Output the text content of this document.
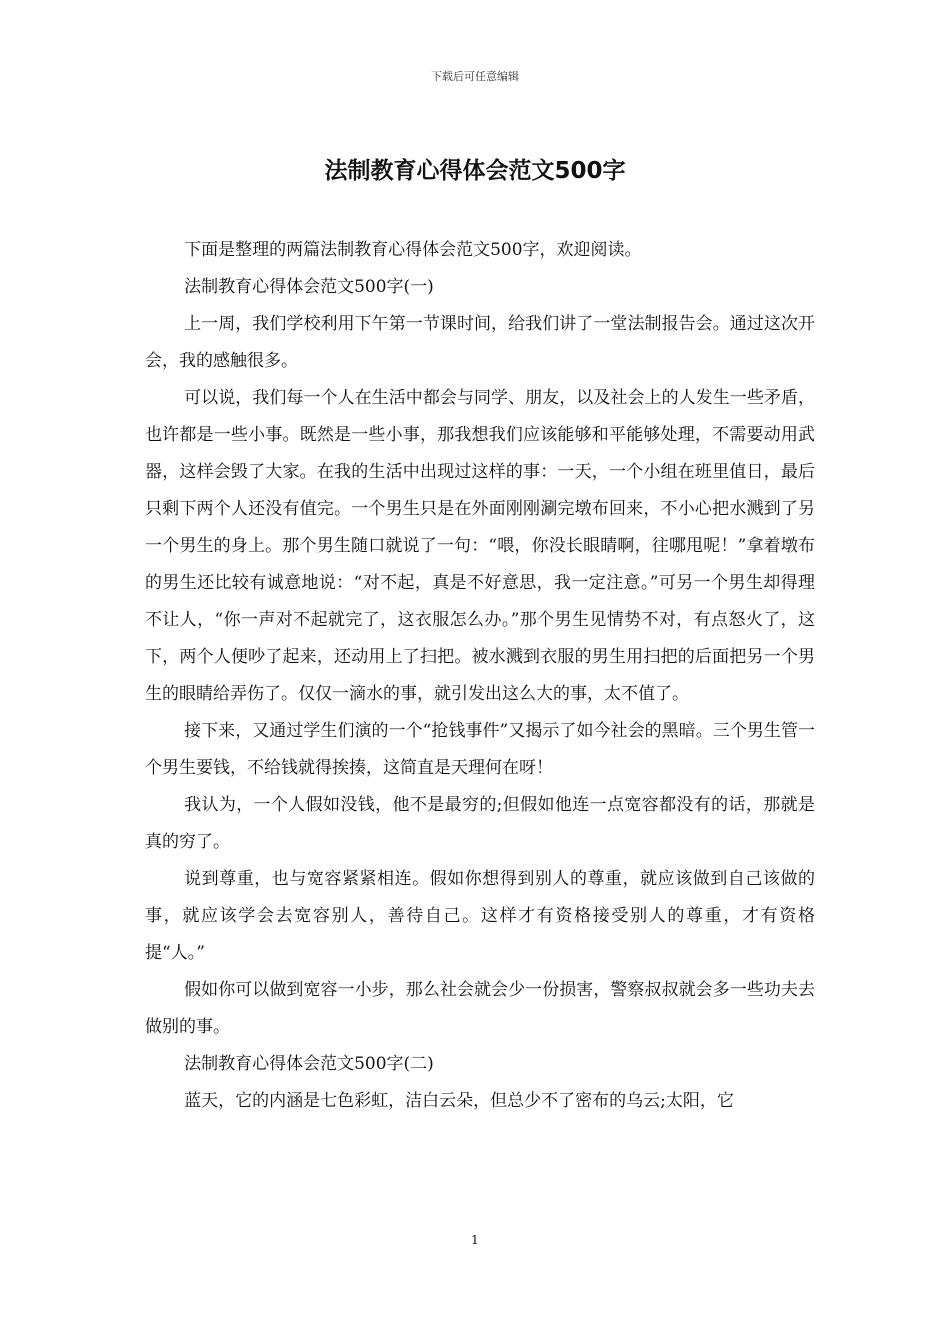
下载后可任意编辑
法制教育心得体会范文500字

下面是整理的两篇法制教育心得体会范文500字，欢迎阅读。

法制教育心得体会范文500字(一)

上一周，我们学校利用下午第一节课时间，给我们讲了一堂法制报告会。通过这次开会，我的感触很多。

可以说，我们每一个人在生活中都会与同学、朋友，以及社会上的人发生一些矛盾，也许都是一些小事。既然是一些小事，那我想我们应该能够和平能够处理，不需要动用武器，这样会毁了大家。在我的生活中出现过这样的事：一天，一个小组在班里值日，最后只剩下两个人还没有值完。一个男生只是在外面刚刚涮完墩布回来，不小心把水溅到了另一个男生的身上。那个男生随口就说了一句：“喂，你没长眼睛啊，往哪甩呢！”拿着墩布的男生还比较有诚意地说：“对不起，真是不好意思，我一定注意。”可另一个男生却得理不让人，“你一声对不起就完了，这衣服怎么办。”那个男生见情势不对，有点怒火了，这下，两个人便吵了起来，还动用上了扫把。被水溅到衣服的男生用扫把的后面把另一个男生的眼睛给弄伤了。仅仅一滴水的事，就引发出这么大的事，太不值了。

接下来，又通过学生们演的一个“抢钱事件”又揭示了如今社会的黑暗。三个男生管一个男生要钱，不给钱就得挨揍，这简直是天理何在呀！

我认为，一个人假如没钱，他不是最穷的;但假如他连一点宽容都没有的话，那就是真的穷了。

说到尊重，也与宽容紧紧相连。假如你想得到别人的尊重，就应该做到自己该做的事，就应该学会去宽容别人，善待自己。这样才有资格接受别人的尊重，才有资格提“人。”

假如你可以做到宽容一小步，那么社会就会少一份损害，警察叔叔就会多一些功夫去做别的事。

法制教育心得体会范文500字(二)

蓝天，它的内涵是七色彩虹，洁白云朵，但总少不了密布的乌云;太阳，它

1
